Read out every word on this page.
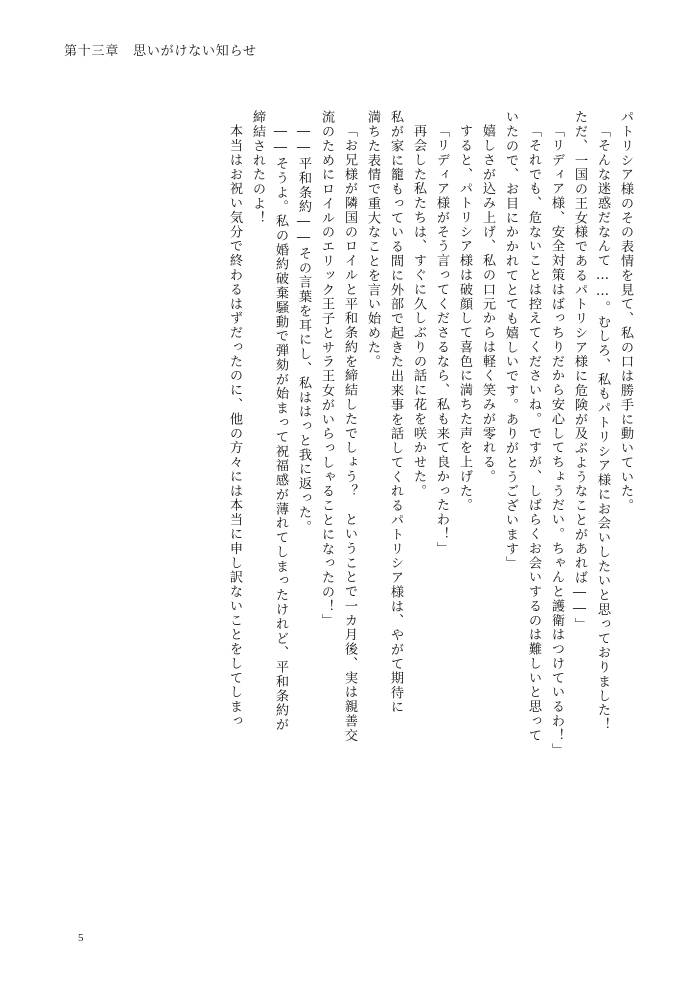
第十三章 思いがけない知らせ
パトリシア様のその表情を見て、私の口は勝手に動いていた。
「そんな迷惑だなんて……。むしろ、私もパトリシア様にお会いしたいと思っておりました！
ただ、一国の王女様であるパトリシア様に危険が及ぶようなことがあれば――」
「リディア様、安全対策はばっちりだから安心してちょうだい。ちゃんと護衛はつけているわ！」
「それでも、危ないことは控えてくださいね。ですが、しばらくお会いするのは難しいと思って
いたので、お目にかかれてとても嬉しいです。ありがとうございます」
嬉しさが込み上げ、私の口元からは軽く笑みが零れる。
すると、パトリシア様は破顔して喜色に満ちた声を上げた。
「リディア様がそう言ってくださるなら、私も来て良かったわ！」
再会した私たちは、すぐに久しぶりの話に花を咲かせた。
私が家に籠もっている間に外部で起きた出来事を話してくれるパトリシア様は、やがて期待に
満ちた表情で重大なことを言い始めた。
「お兄様が隣国のロイルと平和条約を締結したでしょう？　ということで一カ月後、実は親善交
流のためにロイルのエリック王子とサラ王女がいらっしゃることになったの！」
――平和条約――その言葉を耳にし、私ははっと我に返った。
――そうよ。私の婚約破棄騒動で弾劾が始まって祝福感が薄れてしまったけれど、平和条約が
締結されたのよ！
本当はお祝い気分で終わるはずだったのに、他の方々には本当に申し訳ないことをしてしまっ
5
